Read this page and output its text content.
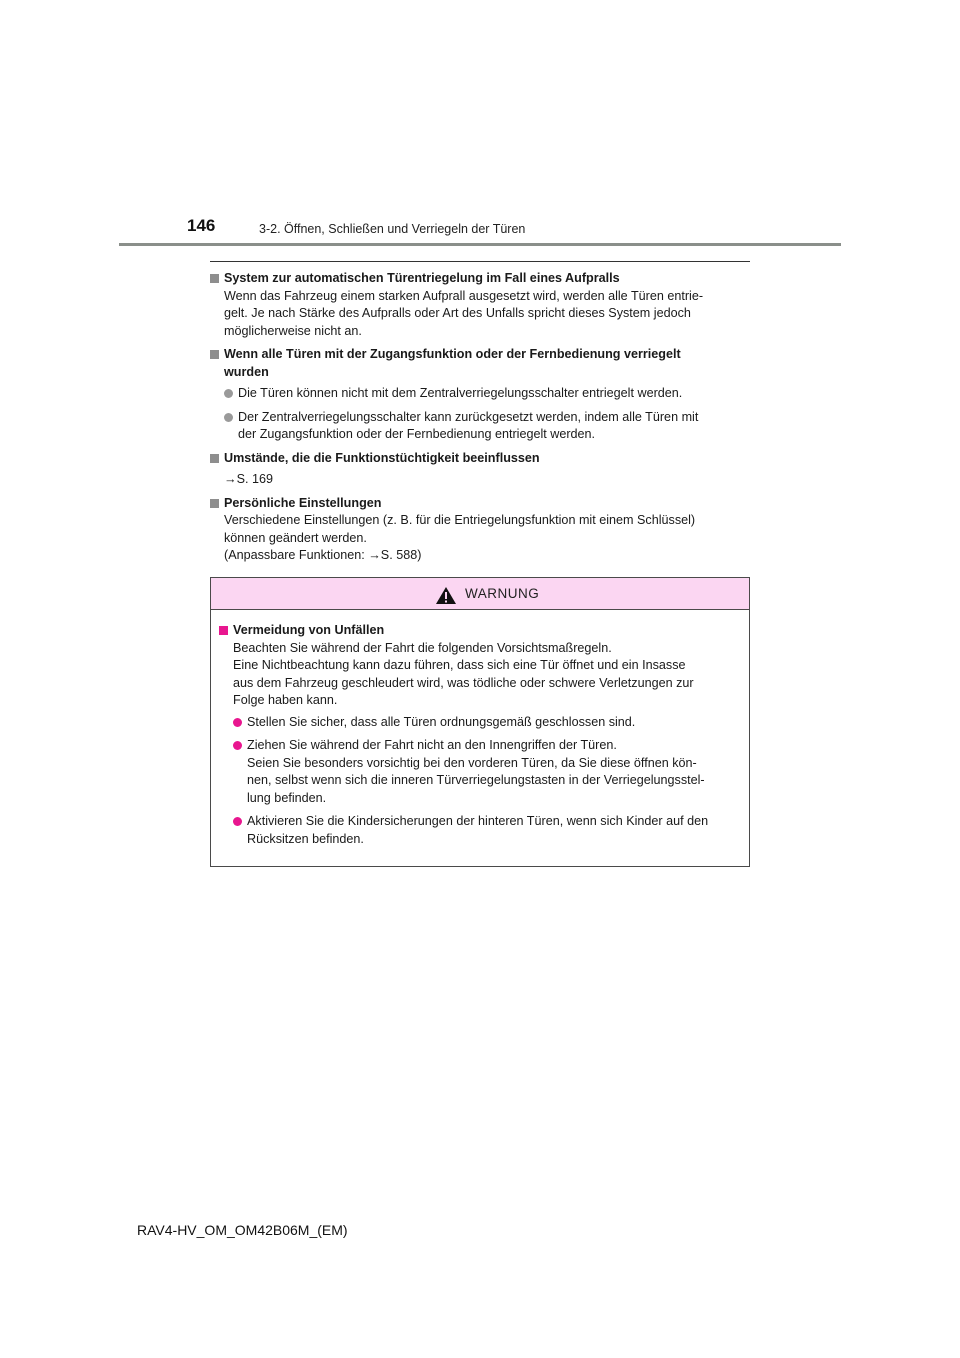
146	3-2. Öffnen, Schließen und Verriegeln der Türen
System zur automatischen Türentriegelung im Fall eines Aufpralls
Wenn das Fahrzeug einem starken Aufprall ausgesetzt wird, werden alle Türen entrie-
gelt. Je nach Stärke des Aufpralls oder Art des Unfalls spricht dieses System jedoch
möglicherweise nicht an.
Wenn alle Türen mit der Zugangsfunktion oder der Fernbedienung verriegelt
wurden
Die Türen können nicht mit dem Zentralverriegelungsschalter entriegelt werden.
Der Zentralverriegelungsschalter kann zurückgesetzt werden, indem alle Türen mit
der Zugangsfunktion oder der Fernbedienung entriegelt werden.
Umstände, die die Funktionstüchtigkeit beeinflussen
→S. 169
Persönliche Einstellungen
Verschiedene Einstellungen (z. B. für die Entriegelungsfunktion mit einem Schlüssel)
können geändert werden.
(Anpassbare Funktionen: →S. 588)
WARNUNG
Vermeidung von Unfällen
Beachten Sie während der Fahrt die folgenden Vorsichtsmaßregeln.
Eine Nichtbeachtung kann dazu führen, dass sich eine Tür öffnet und ein Insasse
aus dem Fahrzeug geschleudert wird, was tödliche oder schwere Verletzungen zur
Folge haben kann.
Stellen Sie sicher, dass alle Türen ordnungsgemäß geschlossen sind.
Ziehen Sie während der Fahrt nicht an den Innengriffen der Türen.
Seien Sie besonders vorsichtig bei den vorderen Türen, da Sie diese öffnen kön-
nen, selbst wenn sich die inneren Türverriegelungstasten in der Verriegelungsstel-
lung befinden.
Aktivieren Sie die Kindersicherungen der hinteren Türen, wenn sich Kinder auf den
Rücksitzen befinden.
RAV4-HV_OM_OM42B06M_(EM)
